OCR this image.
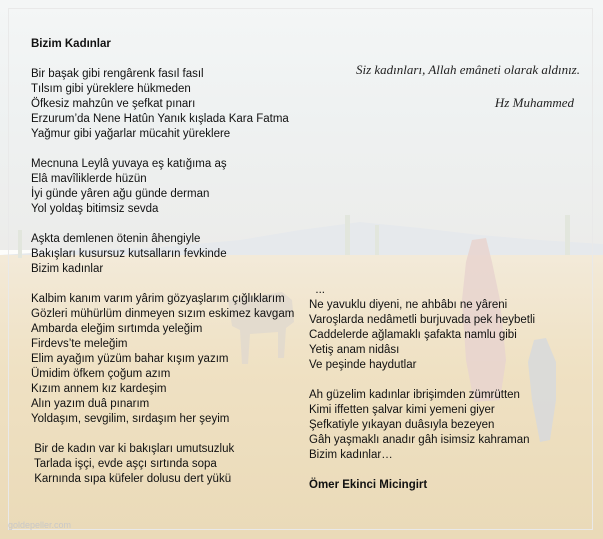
Bizim Kadınlar

Bir başak gibi rengârenk fasıl fasıl

Tılsım gibi yüreklere hükmeden

Öfkesiz mahzûn ve şefkat pınarı

Erzurum’da Nene Hatûn Yanık kışlada Kara Fatma

Yağmur gibi yağarlar mücahit yüreklere

Mecnuna Leylâ yuvaya eş katığıma aş

Elâ mavîliklerde hüzün

İyi günde yâren ağu günde derman

Yol yoldaş bitimsiz sevda

Aşkta demlenen ötenin âhengiyle

Bakışları kusursuz kutsalların fevkinde

Bizim kadınlar

Kalbim kanım varım yârim gözyaşlarım çığlıklarım

Gözleri mühürlüm dinmeyen sızım eskimez kavgam

Ambarda eleğim sırtımda yeleğim

Firdevs’te meleğim

Elim ayağım yüzüm bahar kışım yazım

Ümidim öfkem çoğum azım

Kızım annem kız kardeşim

Alın yazım duâ pınarım

Yoldaşım, sevgilim, sırdaşım her şeyim

Bir de kadın var ki bakışları umutsuzluk

Tarlada işçi, evde aşçı sırtında sopa

Karnında sıpa küfeler dolusu dert yükü

Siz kadınları, Allah emâneti olarak aldınız.
Hz Muhammed

...

Ne yavuklu diyeni, ne ahbâbı ne yâreni

Varoşlarda nedâmetli burjuvada pek heybetli

Caddelerde ağlamaklı şafakta namlu gibi

Yetiş anam nidâsı

Ve peşinde haydutlar

Ah güzelim kadınlar ibrişimden zümrütten

Kimi iffetten şalvar kimi yemeni giyer

Şefkatiyle yıkayan duâsıyla bezeyen

Gâh yaşmaklı anadır gâh isimsiz kahraman

Bizim kadınlar…

Ömer Ekinci Micingirt

goldepeller.com
